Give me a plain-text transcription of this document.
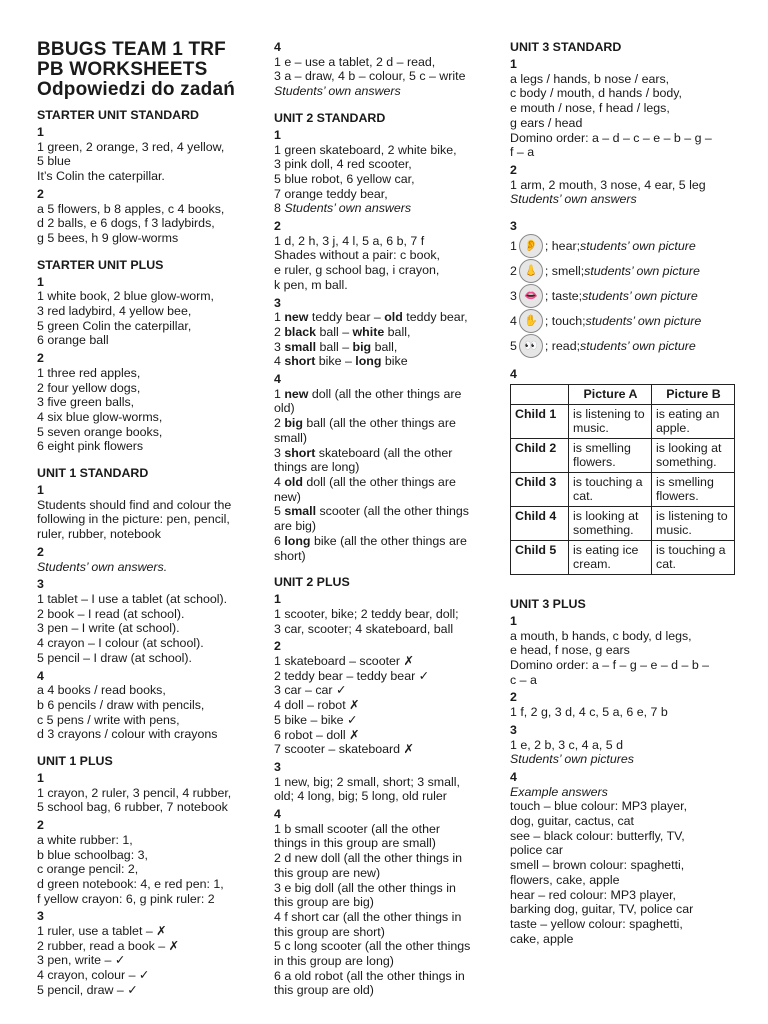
BBUGS TEAM 1 TRF
PB WORKSHEETS
Odpowiedzi do zadań
STARTER UNIT STANDARD
1
1 green, 2 orange, 3 red, 4 yellow,
5 blue
It’s Colin the caterpillar.
2
a 5 flowers, b 8 apples, c 4 books,
d 2 balls, e 6 dogs, f 3 ladybirds,
g 5 bees, h 9 glow-worms
STARTER UNIT PLUS
1
1 white book, 2 blue glow-worm,
3 red ladybird, 4 yellow bee,
5 green Colin the caterpillar,
6 orange ball
2
1 three red apples,
2 four yellow dogs,
3 five green balls,
4 six blue glow-worms,
5 seven orange books,
6 eight pink flowers
UNIT 1 STANDARD
1
Students should find and colour the
following in the picture: pen, pencil,
ruler, rubber, notebook
2
Students’ own answers.
3
1 tablet – I use a tablet (at school).
2 book – I read (at school).
3 pen – I write (at school).
4 crayon – I colour (at school).
5 pencil – I draw (at school).
4
a 4 books / read books,
b 6 pencils / draw with pencils,
c 5 pens / write with pens,
d 3 crayons / colour with crayons
UNIT 1 PLUS
1
1 crayon, 2 ruler, 3 pencil, 4 rubber,
5 school bag, 6 rubber, 7 notebook
2
a white rubber: 1,
b blue schoolbag: 3,
c orange pencil: 2,
d green notebook: 4, e red pen: 1,
f yellow crayon: 6, g pink ruler: 2
3
1 ruler, use a tablet – ✗
2 rubber, read a book – ✗
3 pen, write – ✓
4 crayon, colour – ✓
5 pencil, draw – ✓
4
1 e – use a tablet, 2 d – read,
3 a – draw, 4 b – colour, 5 c – write
Students’ own answers
UNIT 2 STANDARD
1
1 green skateboard, 2 white bike,
3 pink doll, 4 red scooter,
5 blue robot, 6 yellow car,
7 orange teddy bear,
8 Students’ own answers
2
1 d, 2 h, 3 j, 4 l, 5 a, 6 b, 7 f
Shades without a pair: c book,
e ruler, g school bag, i crayon,
k pen, m ball.
3
1 new teddy bear – old teddy bear,
2 black ball – white ball,
3 small ball – big ball,
4 short bike – long bike
4
1 new doll (all the other things are
old)
2 big ball (all the other things are
small)
3 short skateboard (all the other
things are long)
4 old doll (all the other things are
new)
5 small scooter (all the other things
are big)
6 long bike (all the other things are
short)
UNIT 2 PLUS
1
1 scooter, bike; 2 teddy bear, doll;
3 car, scooter; 4 skateboard, ball
2
1 skateboard – scooter ✗
2 teddy bear – teddy bear ✓
3 car – car ✓
4 doll – robot ✗
5 bike – bike ✓
6 robot – doll ✗
7 scooter – skateboard ✗
3
1 new, big; 2 small, short; 3 small,
old; 4 long, big; 5 long, old ruler
4
1 b small scooter (all the other
things in this group are small)
2 d new doll (all the other things in
this group are new)
3 e big doll (all the other things in
this group are big)
4 f short car (all the other things in
this group are short)
5 c long scooter (all the other things
in this group are long)
6 a old robot (all the other things in
this group are old)
UNIT 3 STANDARD
1
a legs / hands, b nose / ears,
c body / mouth, d hands / body,
e mouth / nose, f head / legs,
g ears / head
Domino order: a – d – c – e – b – g –
f – a
2
1 arm, 2 mouth, 3 nose, 4 ear, 5 leg
Students’ own answers
3
1 👂 ; hear; students’ own picture
2 👃 ; smell; students’ own picture
3 👄 ; taste; students’ own picture
4 ✋ ; touch; students’ own picture
5 👀 ; read; students’ own picture
4
	Picture A	Picture B
Child 1	is listening to music.	is eating an apple.
Child 2	is smelling flowers.	is looking at something.
Child 3	is touching a cat.	is smelling flowers.
Child 4	is looking at something.	is listening to music.
Child 5	is eating ice cream.	is touching a cat.
UNIT 3 PLUS
1
a mouth, b hands, c body, d legs,
e head, f nose, g ears
Domino order: a – f – g – e – d – b –
c – a
2
1 f, 2 g, 3 d, 4 c, 5 a, 6 e, 7 b
3
1 e, 2 b, 3 c, 4 a, 5 d
Students’ own pictures
4
Example answers
touch – blue colour: MP3 player,
dog, guitar, cactus, cat
see – black colour: butterfly, TV,
police car
smell – brown colour: spaghetti,
flowers, cake, apple
hear – red colour: MP3 player,
barking dog, guitar, TV, police car
taste – yellow colour: spaghetti,
cake, apple
